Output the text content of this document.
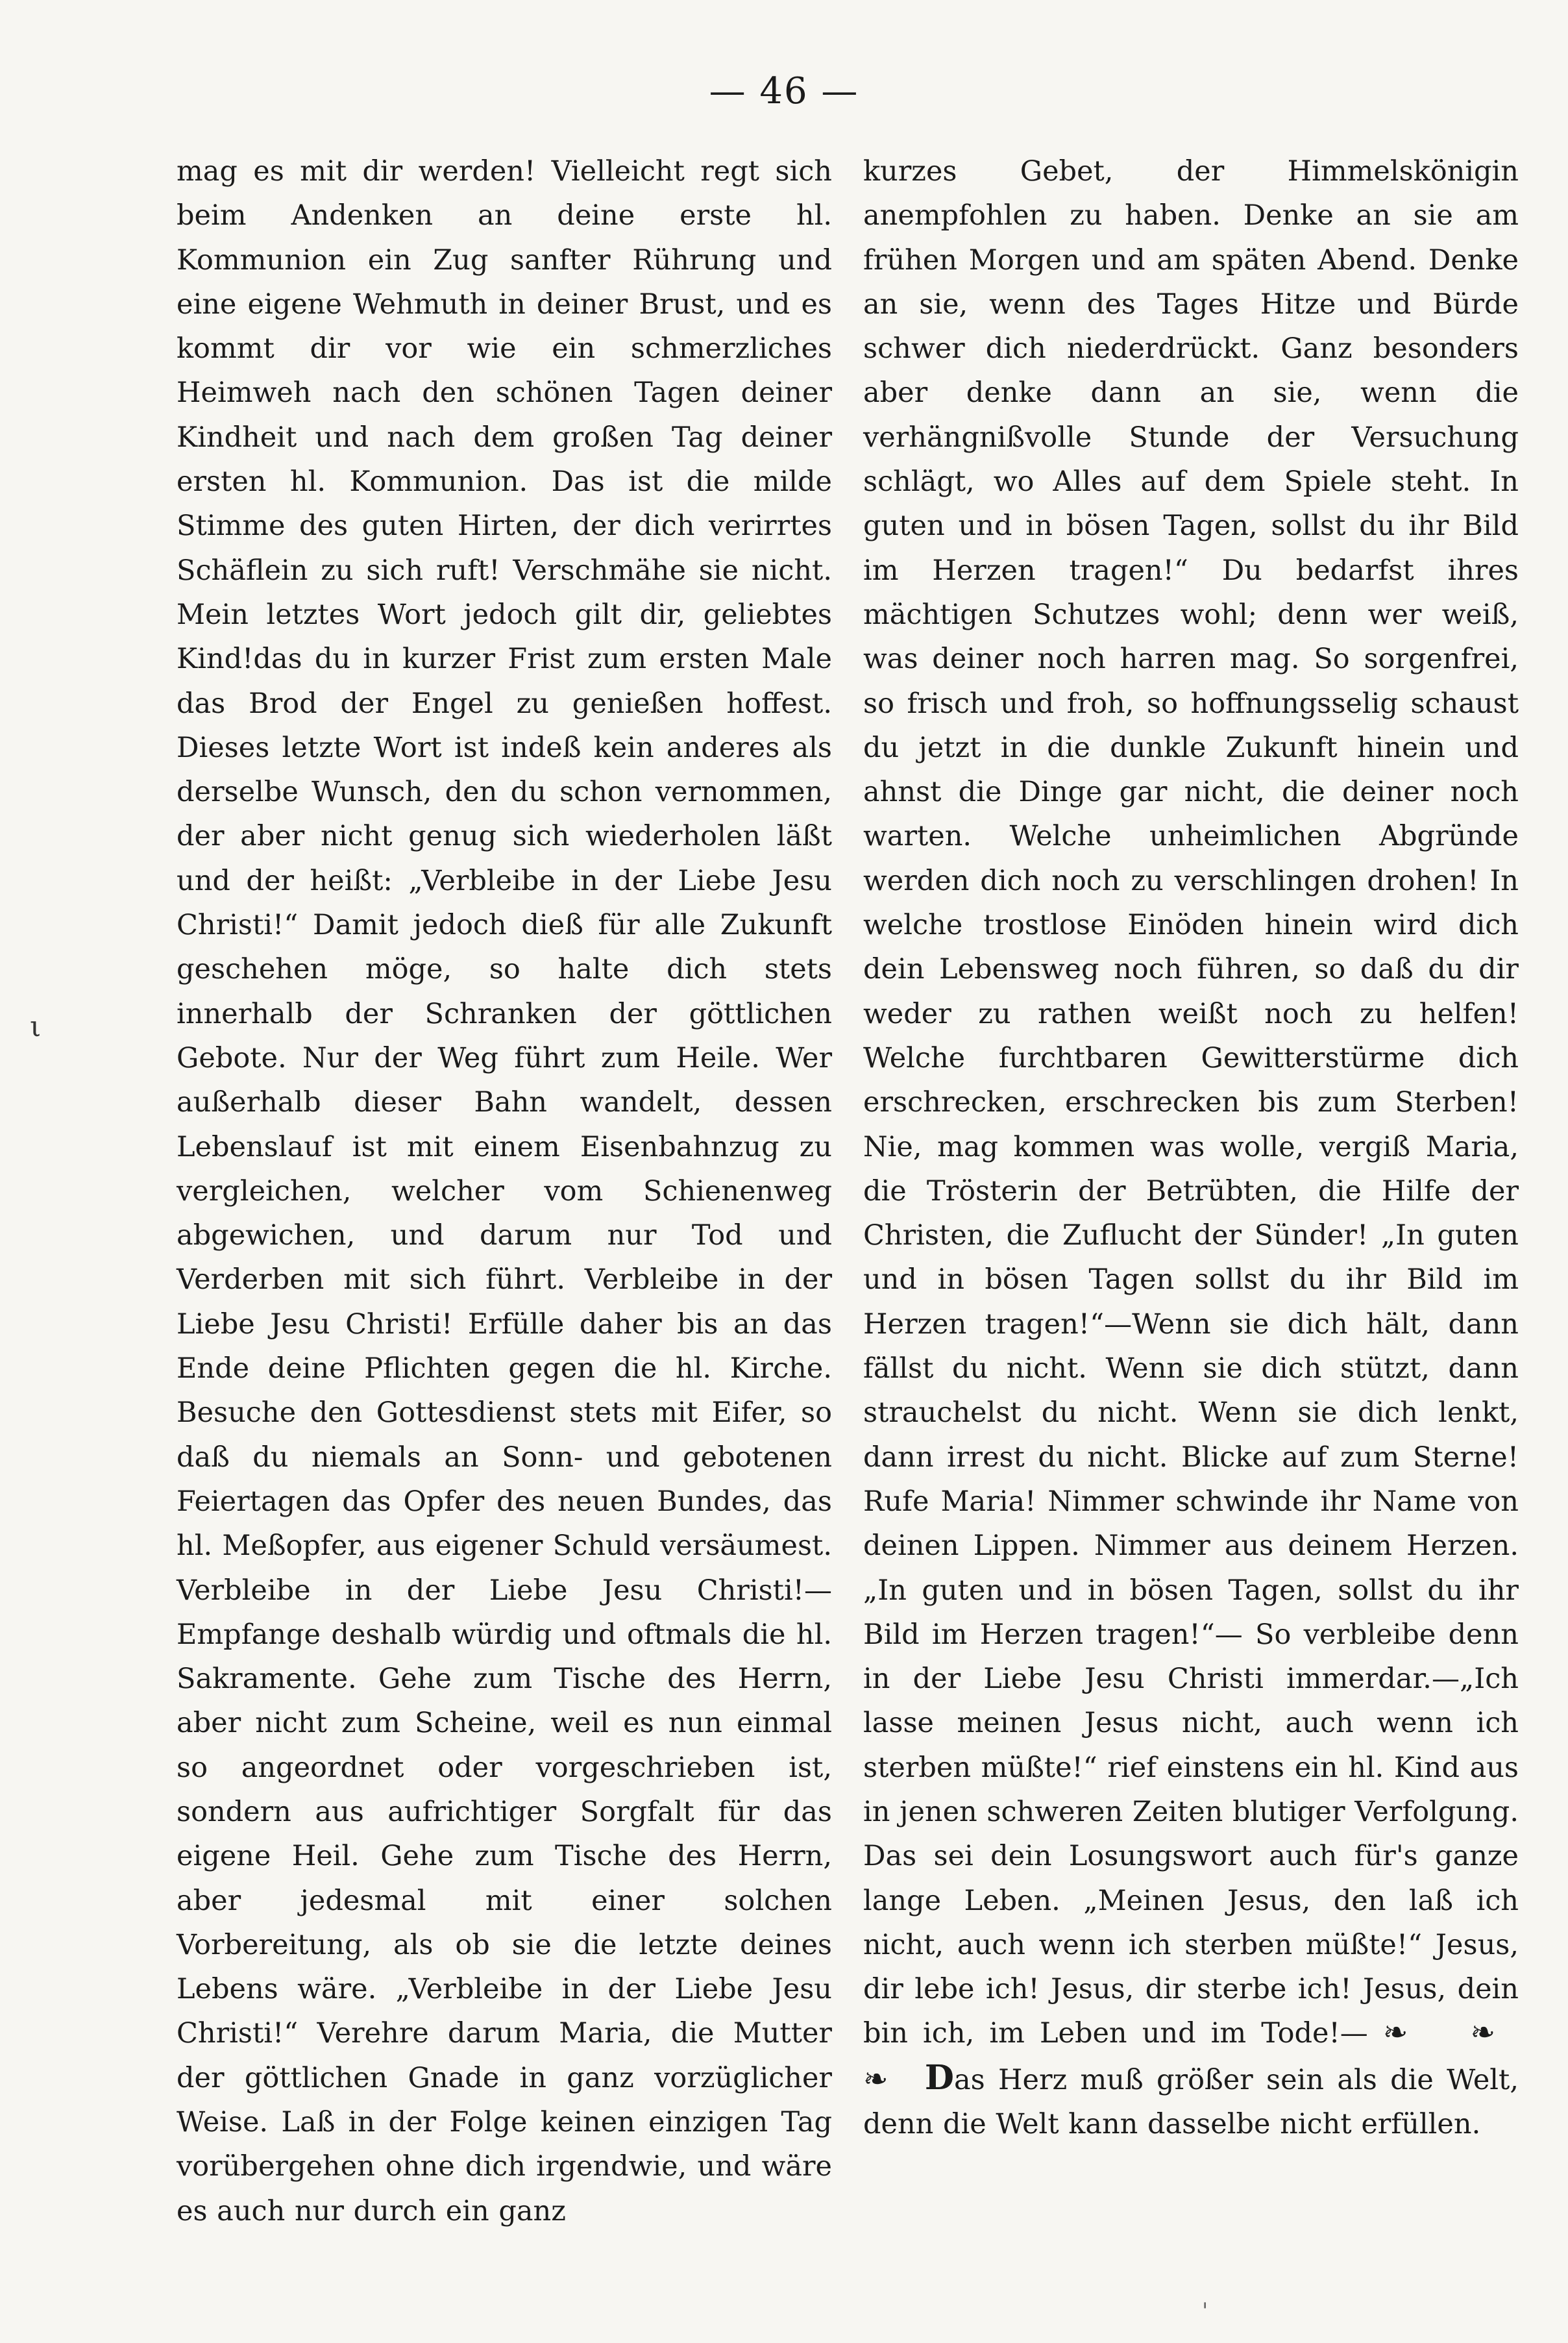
— 46 —
mag es mit dir werden! Vielleicht regt sich beim Andenken an deine erste hl. Kommunion ein Zug sanfter Rührung und eine eigene Wehmuth in deiner Brust, und es kommt dir vor wie ein schmerzliches Heimweh nach den schönen Tagen deiner Kindheit und nach dem großen Tag deiner ersten hl. Kommunion. Das ist die milde Stimme des guten Hirten, der dich verirrtes Schäflein zu sich ruft! Verschmähe sie nicht. Mein letztes Wort jedoch gilt dir, geliebtes Kind!das du in kurzer Frist zum ersten Male das Brod der Engel zu genießen hoffest. Dieses letzte Wort ist indeß kein anderes als derselbe Wunsch, den du schon vernommen, der aber nicht genug sich wiederholen läßt und der heißt: „Verbleibe in der Liebe Jesu Christi!“ Damit jedoch dieß für alle Zukunft geschehen möge, so halte dich stets innerhalb der Schranken der göttlichen Gebote. Nur der Weg führt zum Heile. Wer außerhalb dieser Bahn wandelt, dessen Lebenslauf ist mit einem Eisenbahnzug zu vergleichen, welcher vom Schienenweg abgewichen, und darum nur Tod und Verderben mit sich führt. Verbleibe in der Liebe Jesu Christi! Erfülle daher bis an das Ende deine Pflichten gegen die hl. Kirche. Besuche den Gottesdienst stets mit Eifer, so daß du niemals an Sonn- und gebotenen Feiertagen das Opfer des neuen Bundes, das hl. Meßopfer, aus eigener Schuld versäumest. Verbleibe in der Liebe Jesu Christi!—Empfange deshalb würdig und oftmals die hl. Sakramente. Gehe zum Tische des Herrn, aber nicht zum Scheine, weil es nun einmal so angeordnet oder vorgeschrieben ist, sondern aus aufrichtiger Sorgfalt für das eigene Heil. Gehe zum Tische des Herrn, aber jedesmal mit einer solchen Vorbereitung, als ob sie die letzte deines Lebens wäre. „Verbleibe in der Liebe Jesu Christi!“ Verehre darum Maria, die Mutter der göttlichen Gnade in ganz vorzüglicher Weise. Laß in der Folge keinen einzigen Tag vorübergehen ohne dich irgendwie, und wäre es auch nur durch ein ganz
kurzes Gebet, der Himmelskönigin anempfohlen zu haben. Denke an sie am frühen Morgen und am späten Abend. Denke an sie, wenn des Tages Hitze und Bürde schwer dich niederdrückt. Ganz besonders aber denke dann an sie, wenn die verhängnißvolle Stunde der Versuchung schlägt, wo Alles auf dem Spiele steht. In guten und in bösen Tagen, sollst du ihr Bild im Herzen tragen!“ Du bedarfst ihres mächtigen Schutzes wohl; denn wer weiß, was deiner noch harren mag. So sorgenfrei, so frisch und froh, so hoffnungsselig schaust du jetzt in die dunkle Zukunft hinein und ahnst die Dinge gar nicht, die deiner noch warten. Welche unheimlichen Abgründe werden dich noch zu verschlingen drohen! In welche trostlose Einöden hinein wird dich dein Lebensweg noch führen, so daß du dir weder zu rathen weißt noch zu helfen! Welche furchtbaren Gewitterstürme dich erschrecken, erschrecken bis zum Sterben! Nie, mag kommen was wolle, vergiß Maria, die Trösterin der Betrübten, die Hilfe der Christen, die Zuflucht der Sünder! „In guten und in bösen Tagen sollst du ihr Bild im Herzen tragen!“—Wenn sie dich hält, dann fällst du nicht. Wenn sie dich stützt, dann strauchelst du nicht. Wenn sie dich lenkt, dann irrest du nicht. Blicke auf zum Sterne! Rufe Maria! Nimmer schwinde ihr Name von deinen Lippen. Nimmer aus deinem Herzen. „In guten und in bösen Tagen, sollst du ihr Bild im Herzen tragen!“— So verbleibe denn in der Liebe Jesu Christi immerdar.—„Ich lasse meinen Jesus nicht, auch wenn ich sterben müßte!“ rief einstens ein hl. Kind aus in jenen schweren Zeiten blutiger Verfolgung. Das sei dein Losungswort auch für's ganze lange Leben. „Meinen Jesus, den laß ich nicht, auch wenn ich sterben müßte!“ Jesus, dir lebe ich! Jesus, dir sterbe ich! Jesus, dein bin ich, im Leben und im Tode!— ❧ ❧ ❧ Das Herz muß größer sein als die Welt, denn die Welt kann dasselbe nicht erfüllen.
ι
'
